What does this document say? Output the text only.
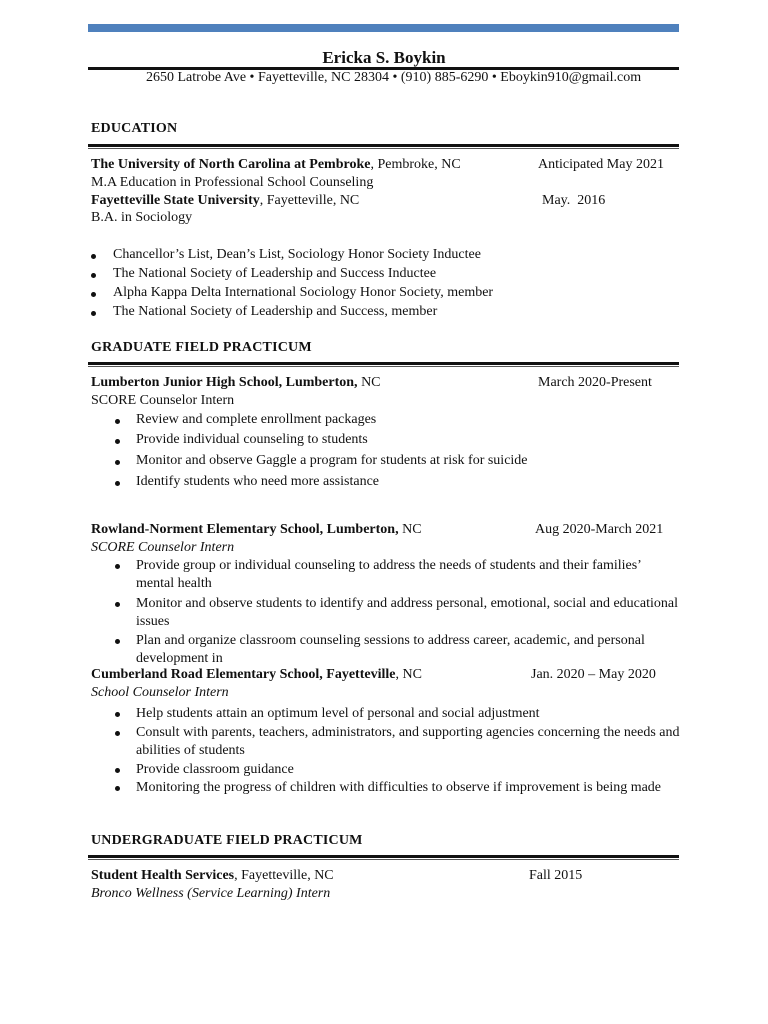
Ericka S. Boykin
2650 Latrobe Ave • Fayetteville, NC 28304 • (910) 885-6290 • Eboykin910@gmail.com
EDUCATION
The University of North Carolina at Pembroke, Pembroke, NC	Anticipated May 2021
M.A Education in Professional School Counseling
Fayetteville State University, Fayetteville, NC	May.  2016
B.A. in Sociology
Chancellor’s List, Dean’s List, Sociology Honor Society Inductee
The National Society of Leadership and Success Inductee
Alpha Kappa Delta International Sociology Honor Society, member
The National Society of Leadership and Success, member
GRADUATE FIELD PRACTICUM
Lumberton Junior High School, Lumberton, NC	March 2020-Present
SCORE Counselor Intern
Review and complete enrollment packages
Provide individual counseling to students
Monitor and observe Gaggle a program for students at risk for suicide
Identify students who need more assistance
Rowland-Norment Elementary School, Lumberton, NC	Aug 2020-March 2021
SCORE Counselor Intern
Provide group or individual counseling to address the needs of students and their families’ mental health
Monitor and observe students to identify and address personal, emotional, social and educational issues
Plan and organize classroom counseling sessions to address career, academic, and personal development in
Cumberland Road Elementary School, Fayetteville, NC	Jan. 2020 – May 2020
School Counselor Intern
Help students attain an optimum level of personal and social adjustment
Consult with parents, teachers, administrators, and supporting agencies concerning the needs and abilities of students
Provide classroom guidance
Monitoring the progress of children with difficulties to observe if improvement is being made
UNDERGRADUATE FIELD PRACTICUM
Student Health Services, Fayetteville, NC	Fall 2015
Bronco Wellness (Service Learning) Intern
